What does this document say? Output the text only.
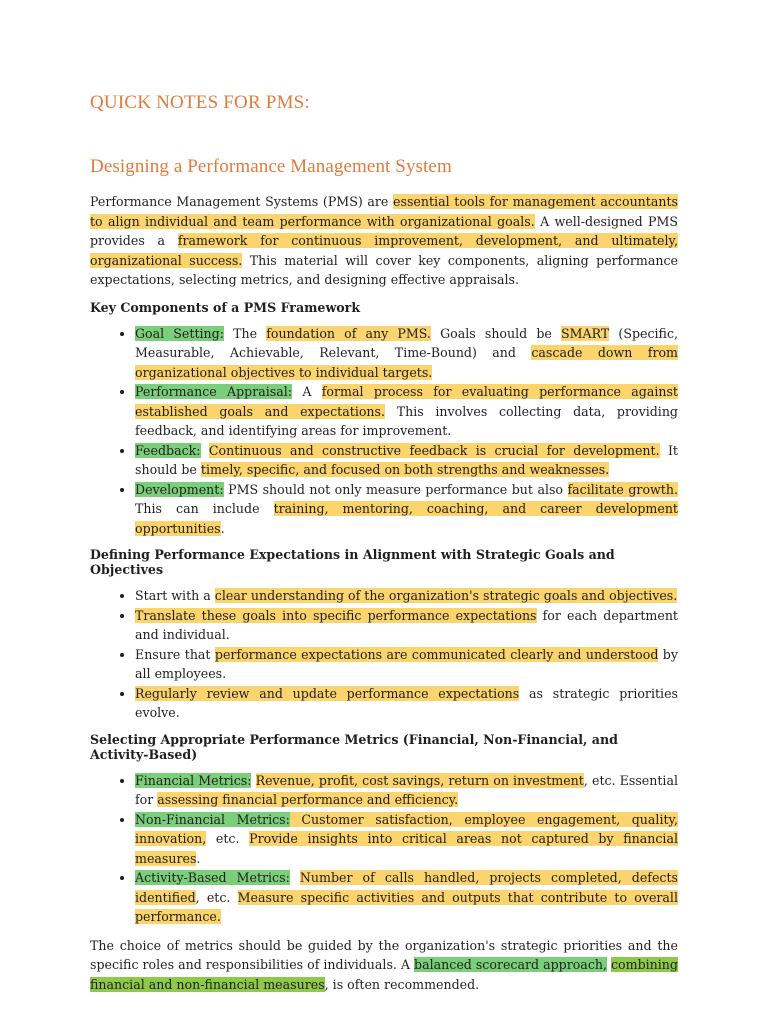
QUICK NOTES FOR PMS:
Designing a Performance Management System

Performance Management Systems (PMS) are essential tools for management accountants to align individual and team performance with organizational goals. A well-designed PMS provides a framework for continuous improvement, development, and ultimately, organizational success. This material will cover key components, aligning performance expectations, selecting metrics, and designing effective appraisals.

Key Components of a PMS Framework
• Goal Setting: The foundation of any PMS. Goals should be SMART (Specific, Measurable, Achievable, Relevant, Time-Bound) and cascade down from organizational objectives to individual targets.
• Performance Appraisal: A formal process for evaluating performance against established goals and expectations. This involves collecting data, providing feedback, and identifying areas for improvement.
• Feedback: Continuous and constructive feedback is crucial for development. It should be timely, specific, and focused on both strengths and weaknesses.
• Development: PMS should not only measure performance but also facilitate growth. This can include training, mentoring, coaching, and career development opportunities.
Defining Performance Expectations in Alignment with Strategic Goals and Objectives
• Start with a clear understanding of the organization's strategic goals and objectives.
• Translate these goals into specific performance expectations for each department and individual.
• Ensure that performance expectations are communicated clearly and understood by all employees.
• Regularly review and update performance expectations as strategic priorities evolve.
Selecting Appropriate Performance Metrics (Financial, Non-Financial, and Activity-Based)
• Financial Metrics: Revenue, profit, cost savings, return on investment, etc. Essential for assessing financial performance and efficiency.
• Non-Financial Metrics: Customer satisfaction, employee engagement, quality, innovation, etc. Provide insights into critical areas not captured by financial measures.
• Activity-Based Metrics: Number of calls handled, projects completed, defects identified, etc. Measure specific activities and outputs that contribute to overall performance.

The choice of metrics should be guided by the organization's strategic priorities and the specific roles and responsibilities of individuals. A balanced scorecard approach, combining financial and non-financial measures, is often recommended.
